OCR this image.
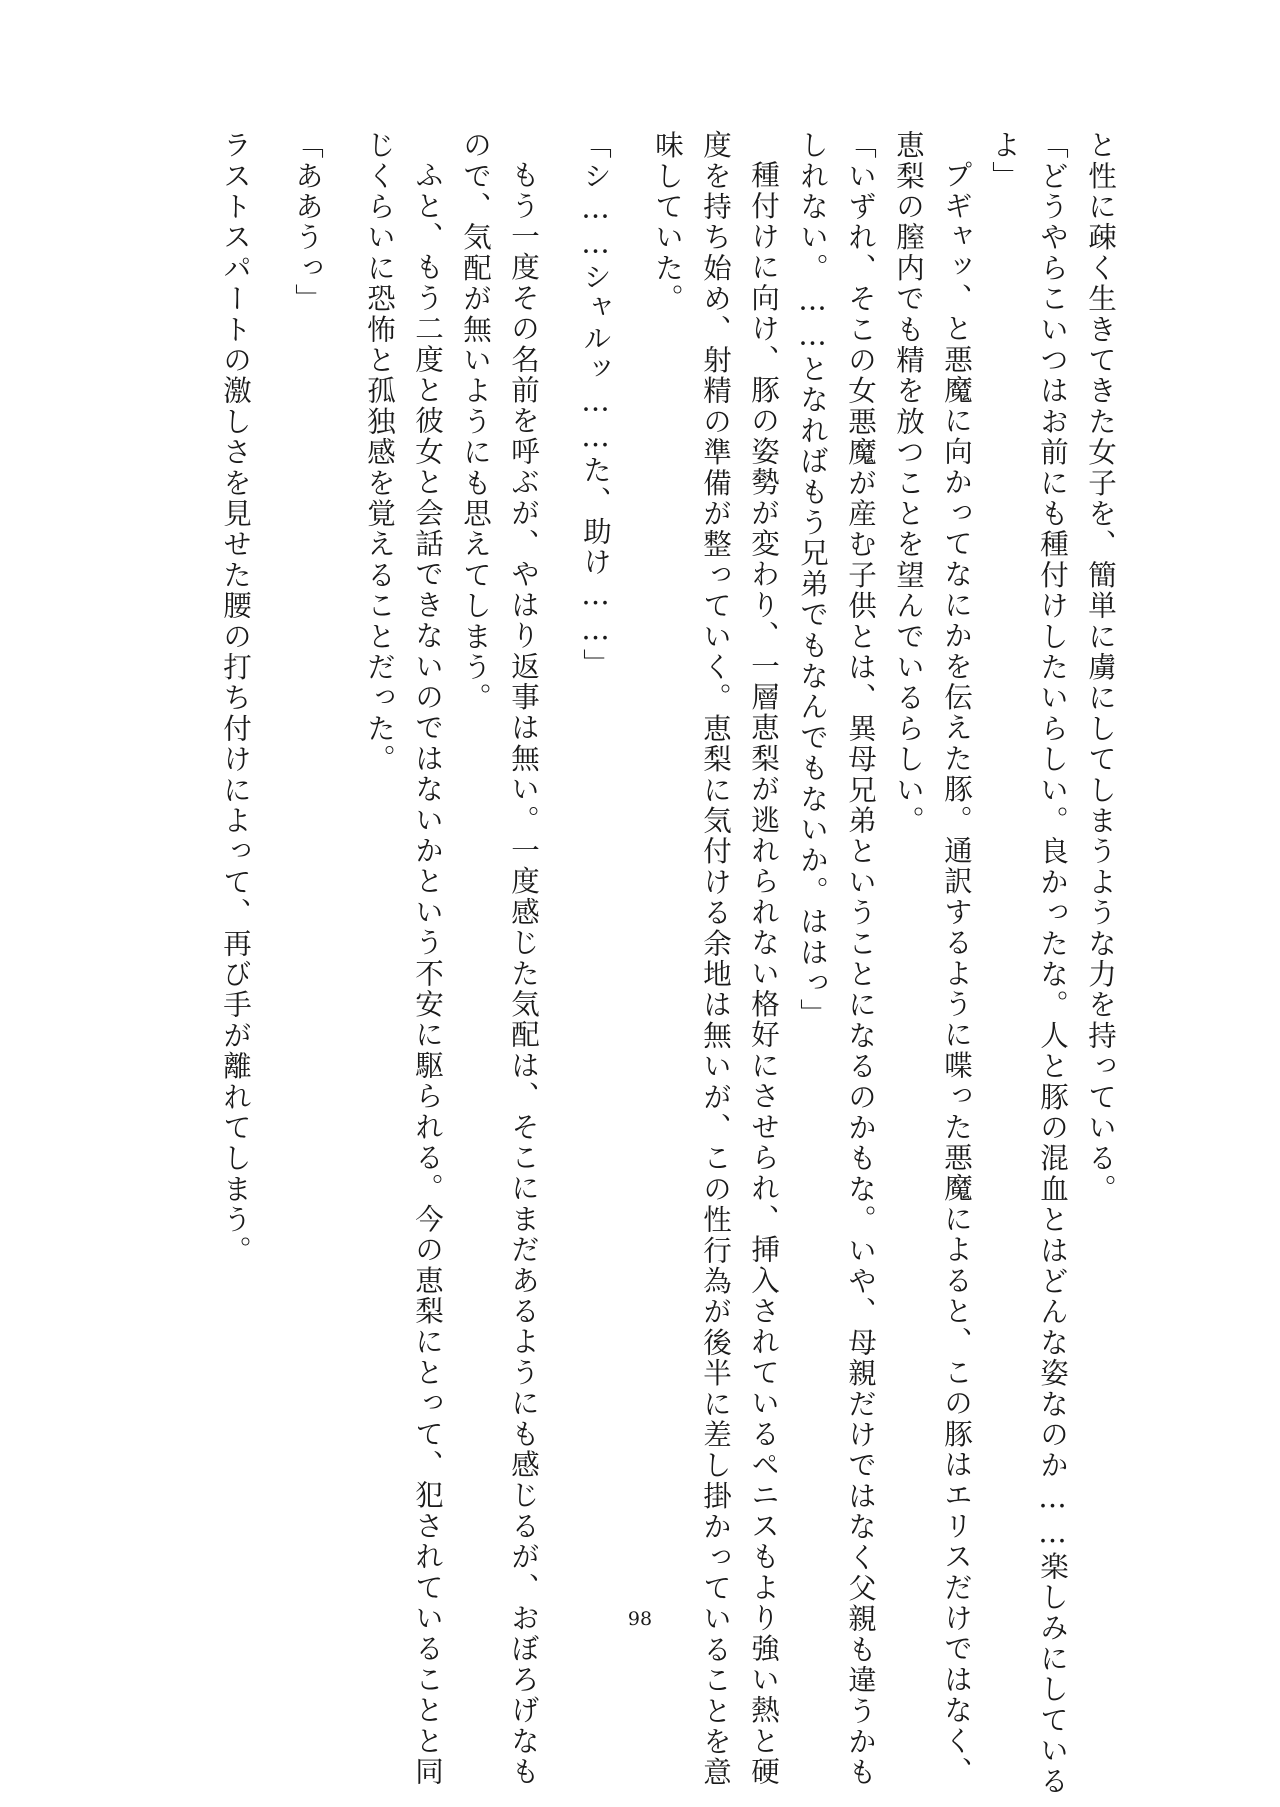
と性に疎く生きてきた女子を、簡単に虜にしてしまうような力を持っている。
「どうやらこいつはお前にも種付けしたいらしい。良かったな。人と豚の混血とはどんな姿なのか……楽しみにしている
よ」
プギャッ、と悪魔に向かってなにかを伝えた豚。通訳するように喋った悪魔によると、この豚はエリスだけではなく、
恵梨の膣内でも精を放つことを望んでいるらしい。
「いずれ、そこの女悪魔が産む子供とは、異母兄弟ということになるのかもな。いや、母親だけではなく父親も違うかも
しれない。……となればもう兄弟でもなんでもないか。ははっ」
種付けに向け、豚の姿勢が変わり、一層恵梨が逃れられない格好にさせられ、挿入されているペニスもより強い熱と硬
度を持ち始め、射精の準備が整っていく。恵梨に気付ける余地は無いが、この性行為が後半に差し掛かっていることを意
味していた。
「シ……シャルッ……た、助け……」
もう一度その名前を呼ぶが、やはり返事は無い。一度感じた気配は、そこにまだあるようにも感じるが、おぼろげなも
ので、気配が無いようにも思えてしまう。
ふと、もう二度と彼女と会話できないのではないかという不安に駆られる。今の恵梨にとって、犯されていることと同
じくらいに恐怖と孤独感を覚えることだった。
「ああうっ」
ラストスパートの激しさを見せた腰の打ち付けによって、再び手が離れてしまう。
98
